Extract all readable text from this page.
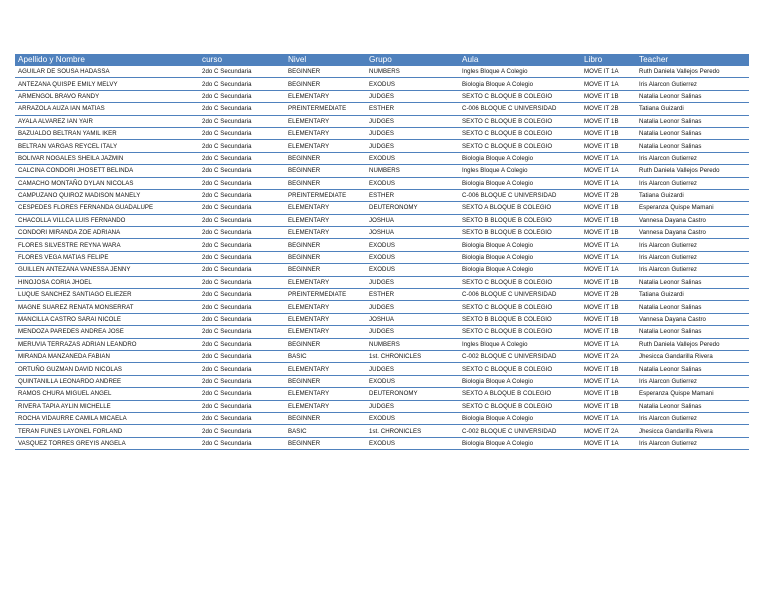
Apellido y Nombre	curso	Nivel	Grupo	Aula	Libro	Teacher
AGUILAR DE SOUSA HADASSA	2do C Secundaria	BEGINNER	NUMBERS	Ingles Bloque A Colegio	MOVE IT 1A	Ruth Daniela Vallejos Peredo
ANTEZANA QUISPE EMILY MELVY	2do C Secundaria	BEGINNER	EXODUS	Biologia Bloque A Colegio	MOVE IT 1A	Iris Alarcon Gutierrez
ARMENGOL BRAVO RANDY	2do C Secundaria	ELEMENTARY	JUDGES	SEXTO C BLOQUE B COLEGIO	MOVE IT 1B	Natalia Leonor Salinas
ARRAZOLA AUZA IAN MATIAS	2do C Secundaria	PREINTERMEDIATE	ESTHER	C-006 BLOQUE C UNIVERSIDAD	MOVE IT 2B	Tatiana Guizardi
AYALA ALVAREZ IAN YAIR	2do C Secundaria	ELEMENTARY	JUDGES	SEXTO C BLOQUE B COLEGIO	MOVE IT 1B	Natalia Leonor Salinas
BAZUALDO BELTRAN YAMIL IKER	2do C Secundaria	ELEMENTARY	JUDGES	SEXTO C BLOQUE B COLEGIO	MOVE IT 1B	Natalia Leonor Salinas
BELTRAN VARGAS REYCEL ITALY	2do C Secundaria	ELEMENTARY	JUDGES	SEXTO C BLOQUE B COLEGIO	MOVE IT 1B	Natalia Leonor Salinas
BOLIVAR NOGALES SHEILA JAZMIN	2do C Secundaria	BEGINNER	EXODUS	Biologia Bloque A Colegio	MOVE IT 1A	Iris Alarcon Gutierrez
CALCINA CONDORI JHOSETT BELINDA	2do C Secundaria	BEGINNER	NUMBERS	Ingles Bloque A Colegio	MOVE IT 1A	Ruth Daniela Vallejos Peredo
CAMACHO MONTAÑO DYLAN NICOLAS	2do C Secundaria	BEGINNER	EXODUS	Biologia Bloque A Colegio	MOVE IT 1A	Iris Alarcon Gutierrez
CAMPUZANO QUIROZ MADISON MANELY	2do C Secundaria	PREINTERMEDIATE	ESTHER	C-006 BLOQUE C UNIVERSIDAD	MOVE IT 2B	Tatiana Guizardi
CESPEDES FLORES FERNANDA GUADALUPE	2do C Secundaria	ELEMENTARY	DEUTERONOMY	SEXTO A BLOQUE B COLEGIO	MOVE IT 1B	Esperanza Quispe Mamani
CHACOLLA VILLCA LUIS FERNANDO	2do C Secundaria	ELEMENTARY	JOSHUA	SEXTO B BLOQUE B COLEGIO	MOVE IT 1B	Vannesa Dayana Castro
CONDORI MIRANDA ZOE ADRIANA	2do C Secundaria	ELEMENTARY	JOSHUA	SEXTO B BLOQUE B COLEGIO	MOVE IT 1B	Vannesa Dayana Castro
FLORES SILVESTRE REYNA WARA	2do C Secundaria	BEGINNER	EXODUS	Biologia Bloque A Colegio	MOVE IT 1A	Iris Alarcon Gutierrez
FLORES VEGA MATIAS FELIPE	2do C Secundaria	BEGINNER	EXODUS	Biologia Bloque A Colegio	MOVE IT 1A	Iris Alarcon Gutierrez
GUILLEN ANTEZANA VANESSA JENNY	2do C Secundaria	BEGINNER	EXODUS	Biologia Bloque A Colegio	MOVE IT 1A	Iris Alarcon Gutierrez
HINOJOSA CORIA JHOEL	2do C Secundaria	ELEMENTARY	JUDGES	SEXTO C BLOQUE B COLEGIO	MOVE IT 1B	Natalia Leonor Salinas
LUQUE SANCHEZ SANTIAGO ELIEZER	2do C Secundaria	PREINTERMEDIATE	ESTHER	C-006 BLOQUE C UNIVERSIDAD	MOVE IT 2B	Tatiana Guizardi
MAGNE SUAREZ RENATA MONSERRAT	2do C Secundaria	ELEMENTARY	JUDGES	SEXTO C BLOQUE B COLEGIO	MOVE IT 1B	Natalia Leonor Salinas
MANCILLA CASTRO SARAI NICOLE	2do C Secundaria	ELEMENTARY	JOSHUA	SEXTO B BLOQUE B COLEGIO	MOVE IT 1B	Vannesa Dayana Castro
MENDOZA PAREDES ANDREA JOSE	2do C Secundaria	ELEMENTARY	JUDGES	SEXTO C BLOQUE B COLEGIO	MOVE IT 1B	Natalia Leonor Salinas
MERUVIA TERRAZAS ADRIAN LEANDRO	2do C Secundaria	BEGINNER	NUMBERS	Ingles Bloque A Colegio	MOVE IT 1A	Ruth Daniela Vallejos Peredo
MIRANDA MANZANEDA FABIAN	2do C Secundaria	BASIC	1st. CHRONICLES	C-002 BLOQUE C UNIVERSIDAD	MOVE IT 2A	Jhesicca Gandarilla Rivera
ORTUÑO GUZMAN DAVID NICOLAS	2do C Secundaria	ELEMENTARY	JUDGES	SEXTO C BLOQUE B COLEGIO	MOVE IT 1B	Natalia Leonor Salinas
QUINTANILLA LEONARDO ANDREE	2do C Secundaria	BEGINNER	EXODUS	Biologia Bloque A Colegio	MOVE IT 1A	Iris Alarcon Gutierrez
RAMOS CHURA MIGUEL ANGEL	2do C Secundaria	ELEMENTARY	DEUTERONOMY	SEXTO A BLOQUE B COLEGIO	MOVE IT 1B	Esperanza Quispe Mamani
RIVERA TAPIA AYLIN MICHELLE	2do C Secundaria	ELEMENTARY	JUDGES	SEXTO C BLOQUE B COLEGIO	MOVE IT 1B	Natalia Leonor Salinas
ROCHA VIDAURRE CAMILA MICAELA	2do C Secundaria	BEGINNER	EXODUS	Biologia Bloque A Colegio	MOVE IT 1A	Iris Alarcon Gutierrez
TERAN FUNES LAYONEL FORLAND	2do C Secundaria	BASIC	1st. CHRONICLES	C-002 BLOQUE C UNIVERSIDAD	MOVE IT 2A	Jhesicca Gandarilla Rivera
VASQUEZ TORRES GREYIS ANGELA	2do C Secundaria	BEGINNER	EXODUS	Biologia Bloque A Colegio	MOVE IT 1A	Iris Alarcon Gutierrez
